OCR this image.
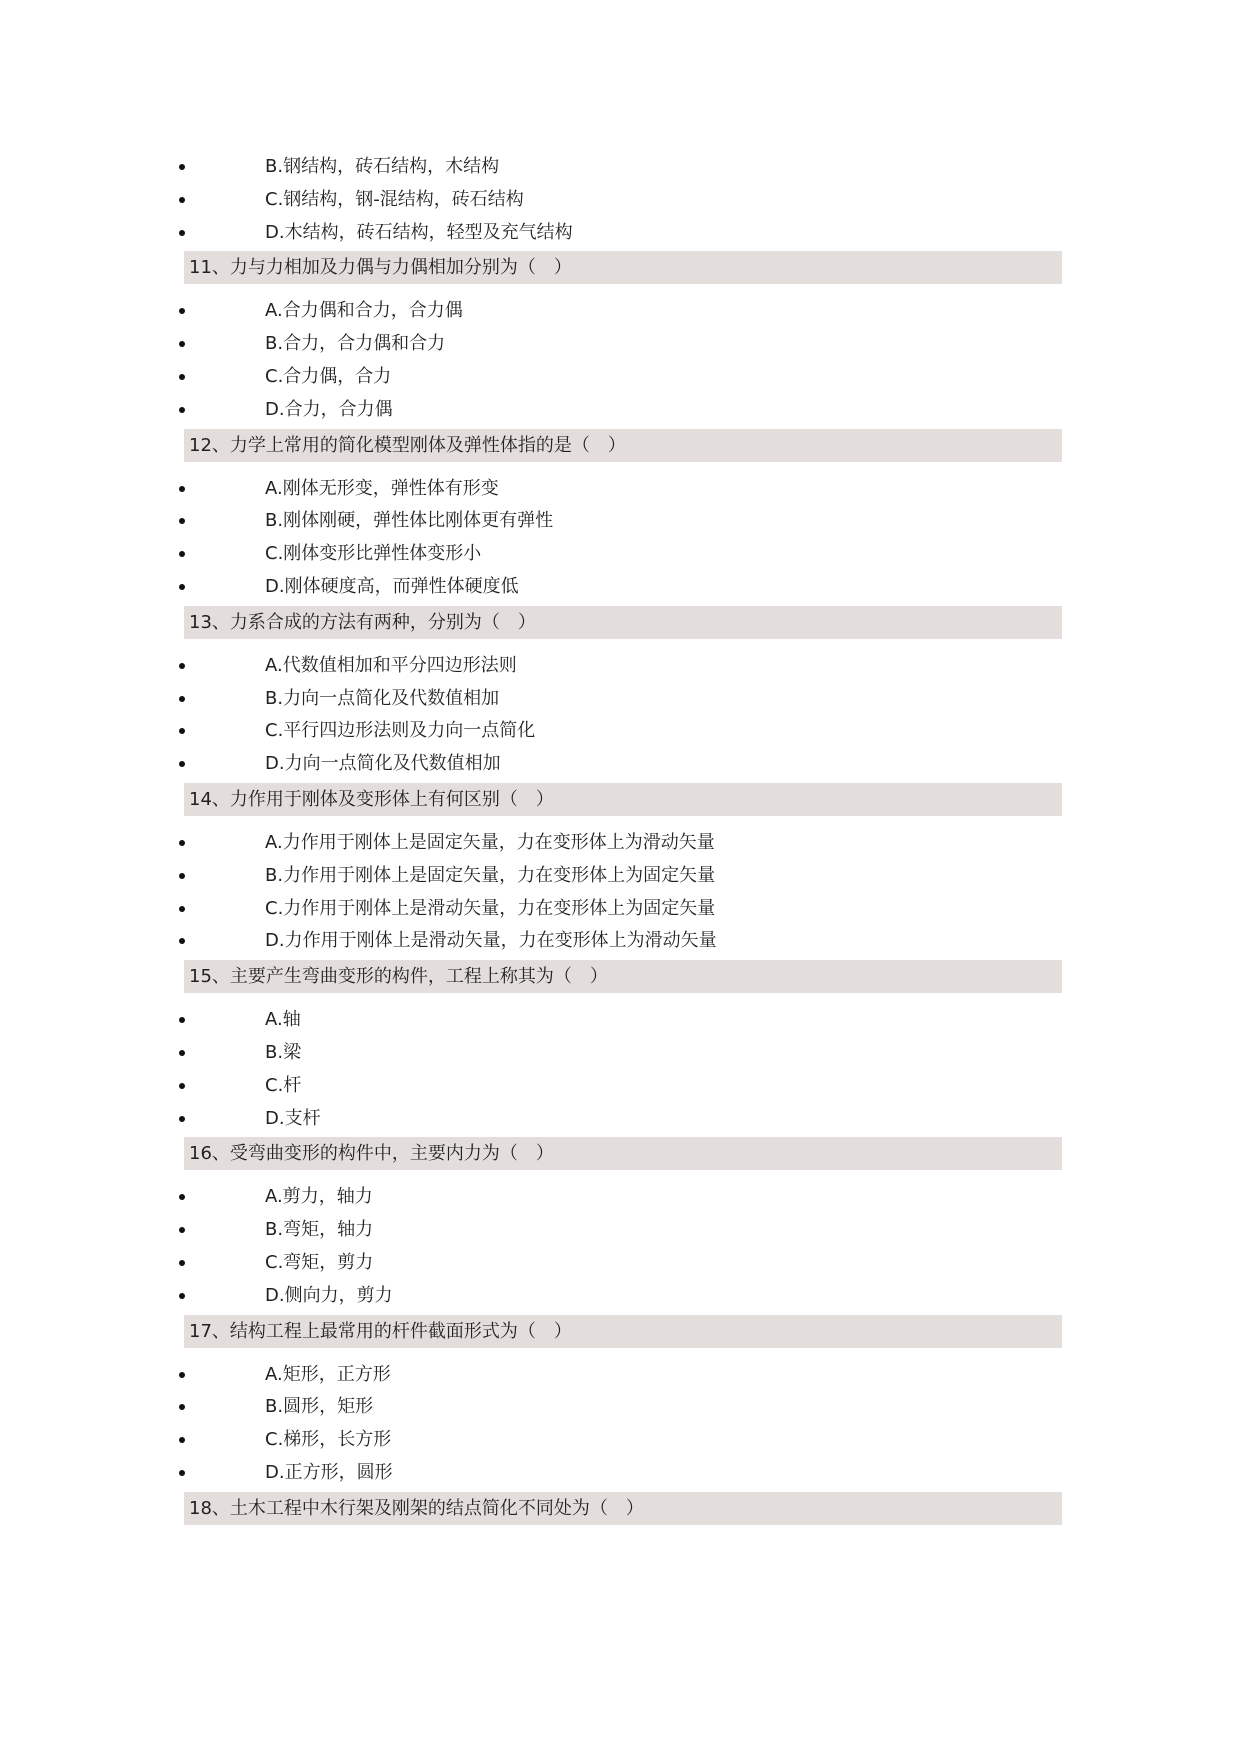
B.钢结构，砖石结构，木结构
C.钢结构，钢-混结构，砖石结构
D.木结构，砖石结构，轻型及充气结构
11、力与力相加及力偶与力偶相加分别为（　）
A.合力偶和合力，合力偶
B.合力，合力偶和合力
C.合力偶，合力
D.合力，合力偶
12、力学上常用的简化模型刚体及弹性体指的是（　）
A.刚体无形变，弹性体有形变
B.刚体刚硬，弹性体比刚体更有弹性
C.刚体变形比弹性体变形小
D.刚体硬度高，而弹性体硬度低
13、力系合成的方法有两种，分别为（　）
A.代数值相加和平分四边形法则
B.力向一点简化及代数值相加
C.平行四边形法则及力向一点简化
D.力向一点简化及代数值相加
14、力作用于刚体及变形体上有何区别（　）
A.力作用于刚体上是固定矢量，力在变形体上为滑动矢量
B.力作用于刚体上是固定矢量，力在变形体上为固定矢量
C.力作用于刚体上是滑动矢量，力在变形体上为固定矢量
D.力作用于刚体上是滑动矢量，力在变形体上为滑动矢量
15、主要产生弯曲变形的构件，工程上称其为（　）
A.轴
B.梁
C.杆
D.支杆
16、受弯曲变形的构件中，主要内力为（　）
A.剪力，轴力
B.弯矩，轴力
C.弯矩，剪力
D.侧向力，剪力
17、结构工程上最常用的杆件截面形式为（　）
A.矩形，正方形
B.圆形，矩形
C.梯形，长方形
D.正方形，圆形
18、土木工程中木行架及刚架的结点简化不同处为（　）
